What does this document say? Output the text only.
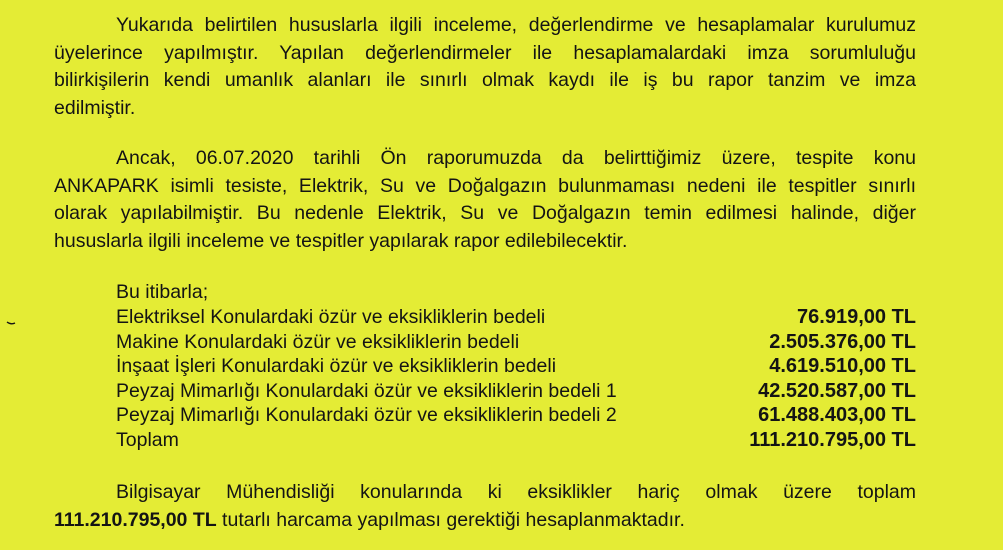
Yukarıda belirtilen hususlarla ilgili inceleme, değerlendirme ve hesaplamalar kurulumuz
üyelerince yapılmıştır. Yapılan değerlendirmeler ile hesaplamalardaki imza sorumluluğu
bilirkişilerin kendi umanlık alanları ile sınırlı olmak kaydı ile iş bu rapor tanzim ve imza
edilmiştir.

Ancak, 06.07.2020 tarihli Ön raporumuzda da belirttiğimiz üzere, tespite konu
ANKAPARK isimli tesiste, Elektrik, Su ve Doğalgazın bulunmaması nedeni ile tespitler sınırlı
olarak yapılabilmiştir. Bu nedenle Elektrik, Su ve Doğalgazın temin edilmesi halinde, diğer
hususlarla ilgili inceleme ve tespitler yapılarak rapor edilebilecektir.

Bu itibarla;
Elektriksel Konulardaki özür ve eksikliklerin bedeli	76.919,00 TL
Makine Konulardaki özür ve eksikliklerin bedeli	2.505.376,00 TL
İnşaat İşleri Konulardaki özür ve eksikliklerin bedeli	4.619.510,00 TL
Peyzaj Mimarlığı Konulardaki özür ve eksikliklerin bedeli 1	42.520.587,00 TL
Peyzaj Mimarlığı Konulardaki özür ve eksikliklerin bedeli 2	61.488.403,00 TL
Toplam	111.210.795,00 TL

Bilgisayar Mühendisliği konularında ki eksiklikler hariç olmak üzere toplam
111.210.795,00 TL tutarlı harcama yapılması gerektiği hesaplanmaktadır.
